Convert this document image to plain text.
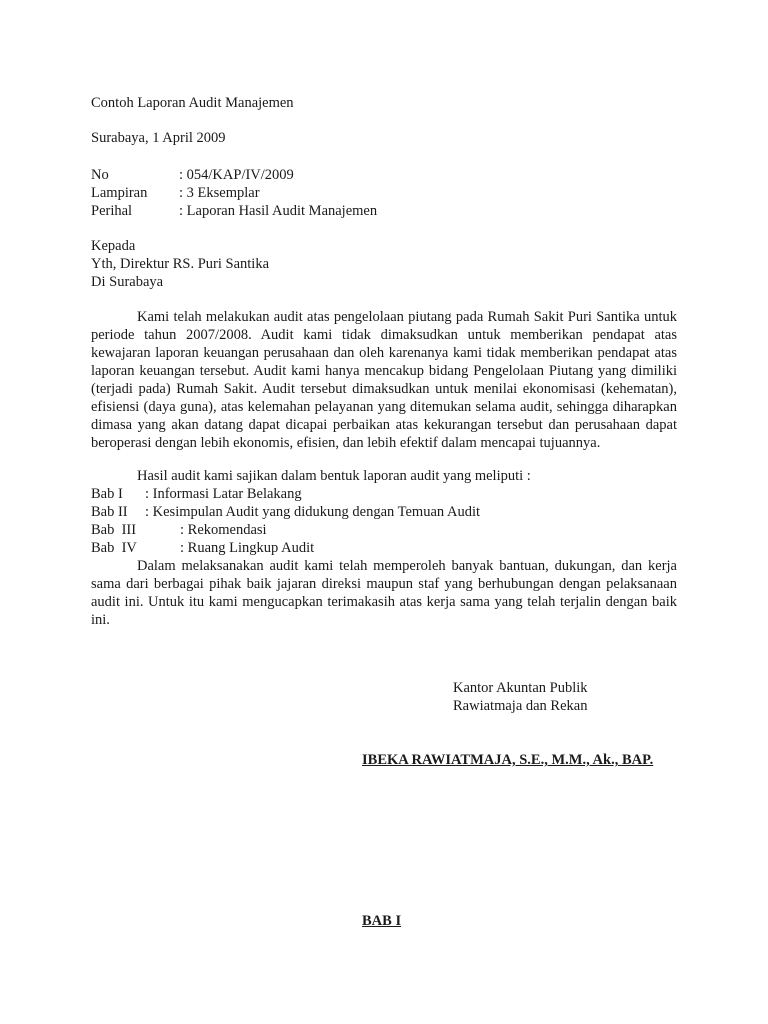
Contoh Laporan Audit Manajemen
Surabaya, 1 April 2009
No	: 054/KAP/IV/2009
Lampiran : 3 Eksemplar
Perihal	: Laporan Hasil Audit Manajemen
Kepada
Yth, Direktur RS. Puri Santika
Di Surabaya
Kami telah melakukan audit atas pengelolaan piutang pada Rumah Sakit Puri Santika untuk periode tahun 2007/2008. Audit kami tidak dimaksudkan untuk memberikan pendapat atas kewajaran laporan keuangan perusahaan dan oleh karenanya kami tidak memberikan pendapat atas laporan keuangan tersebut. Audit kami hanya mencakup bidang Pengelolaan Piutang yang dimiliki (terjadi pada) Rumah Sakit. Audit tersebut dimaksudkan untuk menilai ekonomisasi (kehematan), efisiensi (daya guna), atas kelemahan pelayanan yang ditemukan selama audit, sehingga diharapkan dimasa yang akan datang dapat dicapai perbaikan atas kekurangan tersebut dan perusahaan dapat beroperasi dengan lebih ekonomis, efisien, dan lebih efektif dalam mencapai tujuannya.
Hasil audit kami sajikan dalam bentuk laporan audit yang meliputi :
Bab I : Informasi Latar Belakang
Bab II : Kesimpulan Audit yang didukung dengan Temuan Audit
Bab  III	: Rekomendasi
Bab  IV	: Ruang Lingkup Audit
Dalam melaksanakan audit kami telah memperoleh banyak bantuan, dukungan, dan kerja sama dari berbagai pihak baik jajaran direksi maupun staf yang berhubungan dengan pelaksanaan audit ini. Untuk itu kami mengucapkan terimakasih atas kerja sama yang telah terjalin dengan baik ini.
Kantor Akuntan Publik
Rawiatmaja dan Rekan
IBEKA RAWIATMAJA, S.E., M.M., Ak., BAP.
BAB I
